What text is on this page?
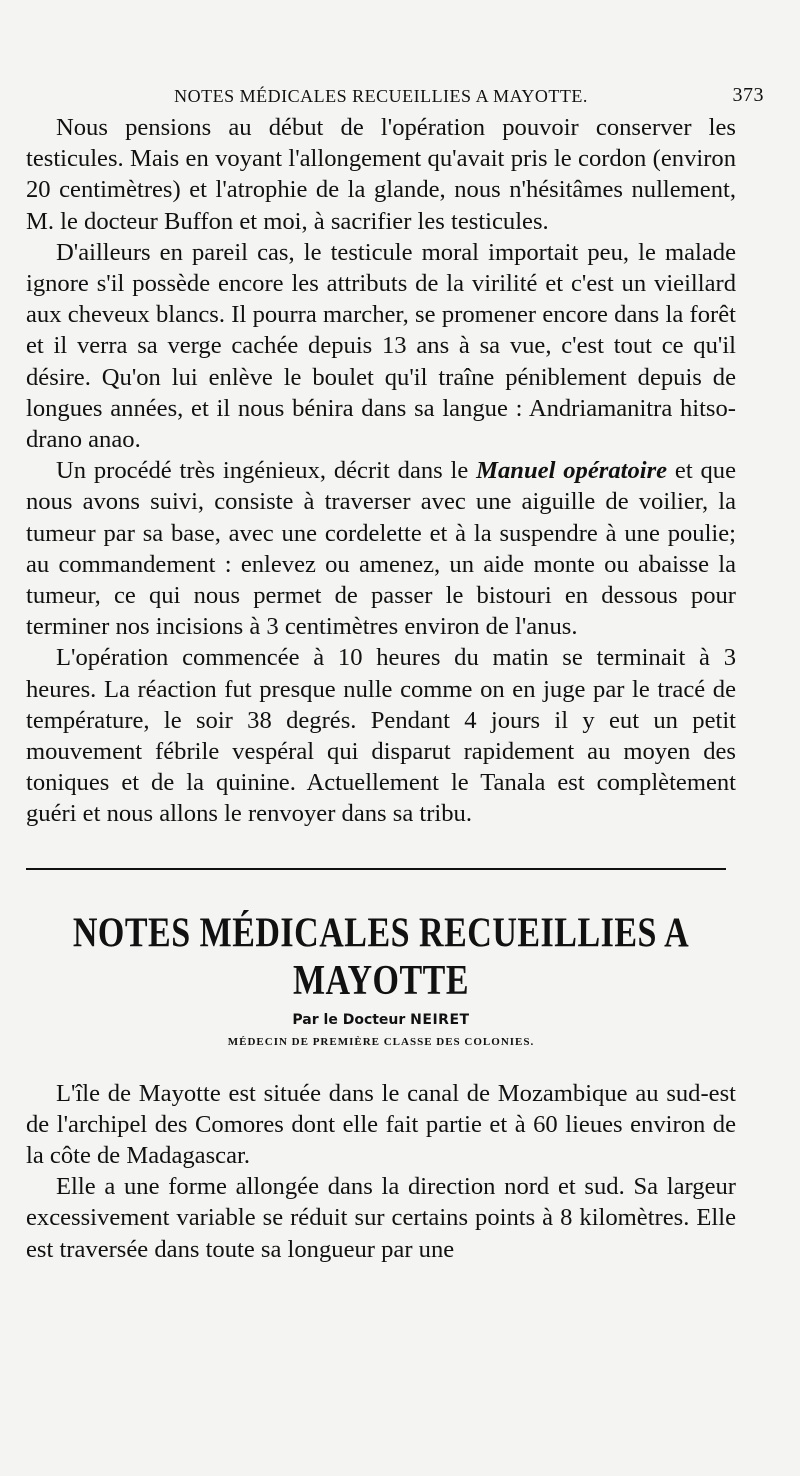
NOTES MÉDICALES RECUEILLIES A MAYOTTE.	373

Nous pensions au début de l'opération pouvoir conserver les testicules. Mais en voyant l'allongement qu'avait pris le cordon (environ 20 centimètres) et l'atrophie de la glande, nous n'hésitâmes nullement, M. le docteur Buffon et moi, à sacrifier les testicules.

D'ailleurs en pareil cas, le testicule moral importait peu, le malade ignore s'il possède encore les attributs de la virilité et c'est un vieillard aux cheveux blancs. Il pourra marcher, se promener encore dans la forêt et il verra sa verge cachée depuis 13 ans à sa vue, c'est tout ce qu'il désire. Qu'on lui enlève le boulet qu'il traîne péniblement depuis de longues années, et il nous bénira dans sa langue : Andriamanitra hitso-drano anao.

Un procédé très ingénieux, décrit dans le Manuel opératoire et que nous avons suivi, consiste à traverser avec une aiguille de voilier, la tumeur par sa base, avec une cordelette et à la suspendre à une poulie; au commandement : enlevez ou amenez, un aide monte ou abaisse la tumeur, ce qui nous permet de passer le bistouri en dessous pour terminer nos incisions à 3 centimètres environ de l'anus.

L'opération commencée à 10 heures du matin se terminait à 3 heures. La réaction fut presque nulle comme on en juge par le tracé de température, le soir 38 degrés. Pendant 4 jours il y eut un petit mouvement fébrile vespéral qui disparut rapidement au moyen des toniques et de la quinine. Actuellement le Tanala est complètement guéri et nous allons le renvoyer dans sa tribu.

NOTES MÉDICALES RECUEILLIES A MAYOTTE
Par le Docteur NEIRET
MÉDECIN DE PREMIÈRE CLASSE DES COLONIES.

L'île de Mayotte est située dans le canal de Mozambique au sud-est de l'archipel des Comores dont elle fait partie et à 60 lieues environ de la côte de Madagascar.

Elle a une forme allongée dans la direction nord et sud. Sa largeur excessivement variable se réduit sur certains points à 8 kilomètres. Elle est traversée dans toute sa longueur par une
